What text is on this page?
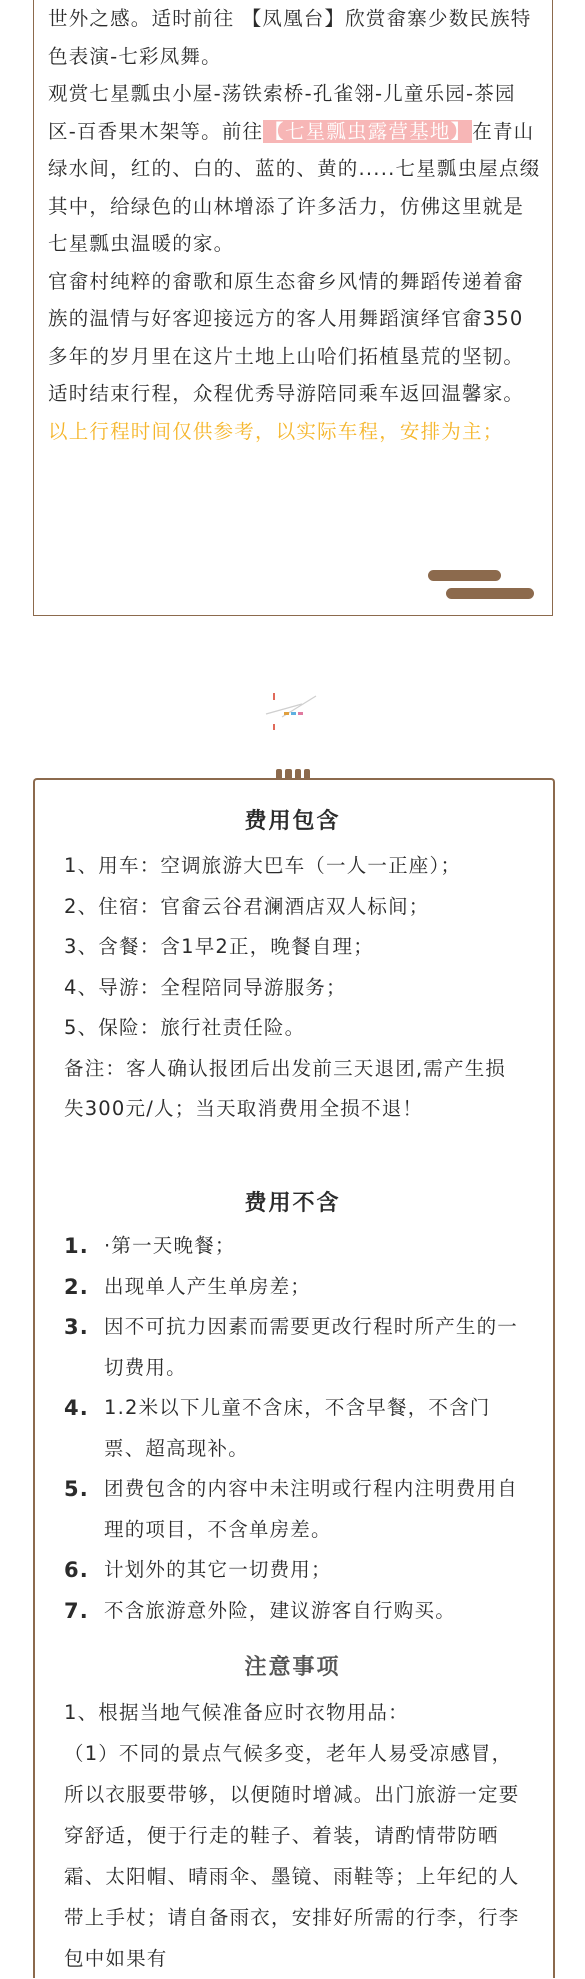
世外之感。适时前往 【凤凰台】欣赏畲寨少数民族特色表演-七彩凤舞。

观赏七星瓢虫小屋-荡铁索桥-孔雀翎-儿童乐园-茶园区-百香果木架等。前往【七星瓢虫露营基地】在青山绿水间，红的、白的、蓝的、黄的.....七星瓢虫屋点缀其中，给绿色的山林增添了许多活力，仿佛这里就是七星瓢虫温暖的家。

官畲村纯粹的畲歌和原生态畲乡风情的舞蹈传递着畲族的温情与好客迎接远方的客人用舞蹈演绎官畲350多年的岁月里在这片土地上山哈们拓植垦荒的坚韧。

适时结束行程，众程优秀导游陪同乘车返回温馨家。

以上行程时间仅供参考，以实际车程，安排为主；

费用包含

1、用车：空调旅游大巴车（一人一正座）；

2、住宿：官畲云谷君澜酒店双人标间；

3、含餐：含1早2正，晚餐自理；

4、导游：全程陪同导游服务；

5、保险：旅行社责任险。

备注：客人确认报团后出发前三天退团,需产生损失300元/人；当天取消费用全损不退！

费用不含
1. ·第一天晚餐；
2. 出现单人产生单房差；
3. 因不可抗力因素而需要更改行程时所产生的一切费用。
4. 1.2米以下儿童不含床，不含早餐，不含门票、超高现补。
5. 团费包含的内容中未注明或行程内注明费用自理的项目，不含单房差。
6. 计划外的其它一切费用；
7. 不含旅游意外险，建议游客自行购买。
注意事项

1、根据当地气候准备应时衣物用品：

（1）不同的景点气候多变，老年人易受凉感冒，所以衣服要带够，以便随时增减。出门旅游一定要穿舒适，便于行走的鞋子、着装，请酌情带防晒霜、太阳帽、晴雨伞、墨镜、雨鞋等；上年纪的人带上手杖；请自备雨衣，安排好所需的行李，行李包中如果有
